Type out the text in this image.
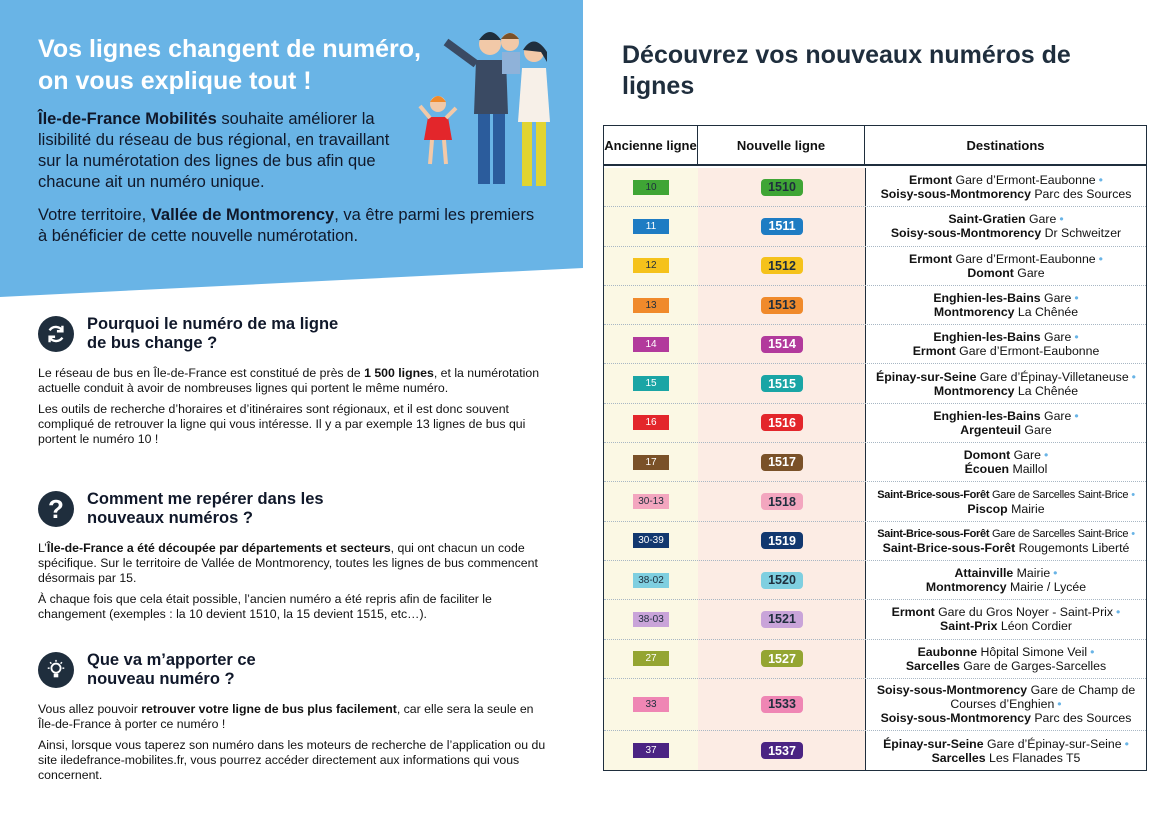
Vos lignes changent de numéro, on vous explique tout !
Île-de-France Mobilités souhaite améliorer la lisibilité du réseau de bus régional, en travaillant sur la numérotation des lignes de bus afin que chacune ait un numéro unique.
Votre territoire, Vallée de Montmorency, va être parmi les premiers à bénéficier de cette nouvelle numérotation.
Pourquoi le numéro de ma ligne de bus change ?

Le réseau de bus en Île-de-France est constitué de près de 1 500 lignes, et la numérotation actuelle conduit à avoir de nombreuses lignes qui portent le même numéro.

Les outils de recherche d’horaires et d’itinéraires sont régionaux, et il est donc souvent compliqué de retrouver la ligne qui vous intéresse. Il y a par exemple 13 lignes de bus qui portent le numéro 10 !

?	Comment me repérer dans les nouveaux numéros ?

L’Île-de-France a été découpée par départements et secteurs, qui ont chacun un code spécifique. Sur le territoire de Vallée de Montmorency, toutes les lignes de bus commencent désormais par 15.

À chaque fois que cela était possible, l’ancien numéro a été repris afin de faciliter le changement (exemples : la 10 devient 1510, la 15 devient 1515, etc…).

Que va m’apporter ce nouveau numéro ?

Vous allez pouvoir retrouver votre ligne de bus plus facilement, car elle sera la seule en Île-de-France à porter ce numéro !

Ainsi, lorsque vous taperez son numéro dans les moteurs de recherche de l’application ou du site iledefrance-mobilites.fr, vous pourrez accéder directement aux informations qui vous concernent.

Découvrez vos nouveaux numéros de lignes
Ancienne ligne	Nouvelle ligne	Destinations
10	1510	Ermont Gare d’Ermont-Eaubonne •
Soisy-sous-Montmorency Parc des Sources
11	1511	Saint-Gratien Gare •
Soisy-sous-Montmorency Dr Schweitzer
12	1512	Ermont Gare d’Ermont-Eaubonne •
Domont Gare
13	1513	Enghien-les-Bains Gare •
Montmorency La Chênée
14	1514	Enghien-les-Bains Gare •
Ermont Gare d’Ermont-Eaubonne
15	1515	Épinay-sur-Seine Gare d’Épinay-Villetaneuse •
Montmorency La Chênée
16	1516	Enghien-les-Bains Gare •
Argenteuil Gare
17	1517	Domont Gare •
Écouen Maillol
30-13	1518	Saint-Brice-sous-Forêt Gare de Sarcelles Saint-Brice •
Piscop Mairie
30-39	1519	Saint-Brice-sous-Forêt Gare de Sarcelles Saint-Brice •
Saint-Brice-sous-Forêt Rougemonts Liberté
38-02	1520	Attainville Mairie •
Montmorency Mairie / Lycée
38-03	1521	Ermont Gare du Gros Noyer - Saint-Prix •
Saint-Prix Léon Cordier
27	1527	Eaubonne Hôpital Simone Veil •
Sarcelles Gare de Garges-Sarcelles
33	1533
Soisy-sous-Montmorency Gare de Champ de Courses d’Enghien •
Soisy-sous-Montmorency Parc des Sources
37	1537	Épinay-sur-Seine Gare d’Épinay-sur-Seine •
Sarcelles Les Flanades T5
